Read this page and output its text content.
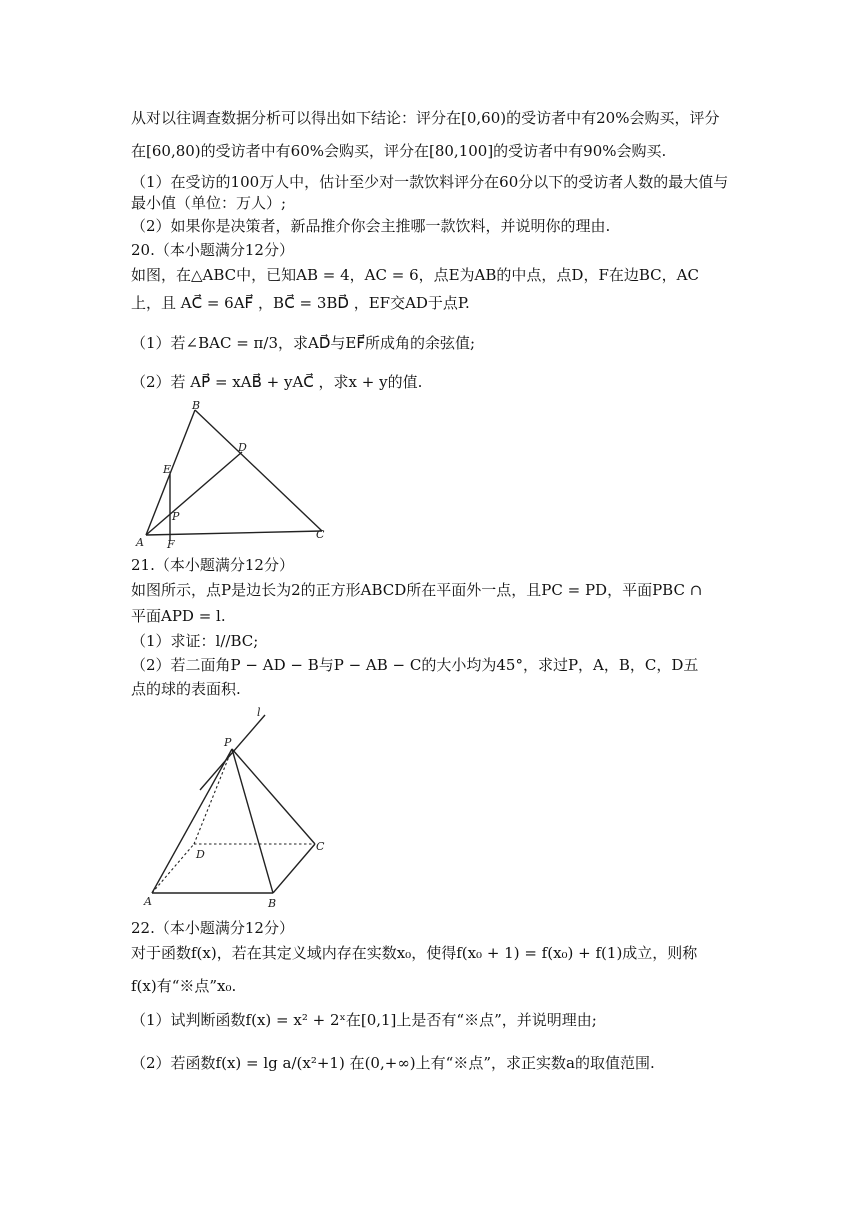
从对以往调查数据分析可以得出如下结论：评分在[0,60)的受访者中有20%会购买，评分
在[60,80)的受访者中有60%会购买，评分在[80,100]的受访者中有90%会购买.
（1）在受访的100万人中，估计至少对一款饮料评分在60分以下的受访者人数的最大值与
最小值（单位：万人）;
（2）如果你是决策者，新品推介你会主推哪一款饮料，并说明你的理由.
20.（本小题满分12分）
如图，在△ABC中，已知AB = 4，AC = 6，点E为AB的中点，点D，F在边BC，AC
上，且 AC⃗ = 6AF⃗ ，BC⃗ = 3BD⃗ ，EF交AD于点P.
（1）若∠BAC = π/3，求AD⃗与EF⃗所成角的余弦值;
（2）若 AP⃗ = xAB⃗ + yAC⃗ ，求x + y的值.
B
D
E
P
A F
C
21.（本小题满分12分）
如图所示，点P是边长为2的正方形ABCD所在平面外一点，且PC = PD，平面PBC ∩
平面APD = l.
（1）求证：l//BC;
（2）若二面角P − AD − B与P − AB − C的大小均为45°，求过P，A，B，C，D五
点的球的表面积.
l
P
D
C
A	B
22.（本小题满分12分）
对于函数f(x)，若在其定义域内存在实数x₀，使得f(x₀ + 1) = f(x₀) + f(1)成立，则称
f(x)有“※点”x₀.
（1）试判断函数f(x) = x² + 2ˣ在[0,1]上是否有“※点”，并说明理由;
（2）若函数f(x) = lg a/(x²+1) 在(0,+∞)上有“※点”，求正实数a的取值范围.
